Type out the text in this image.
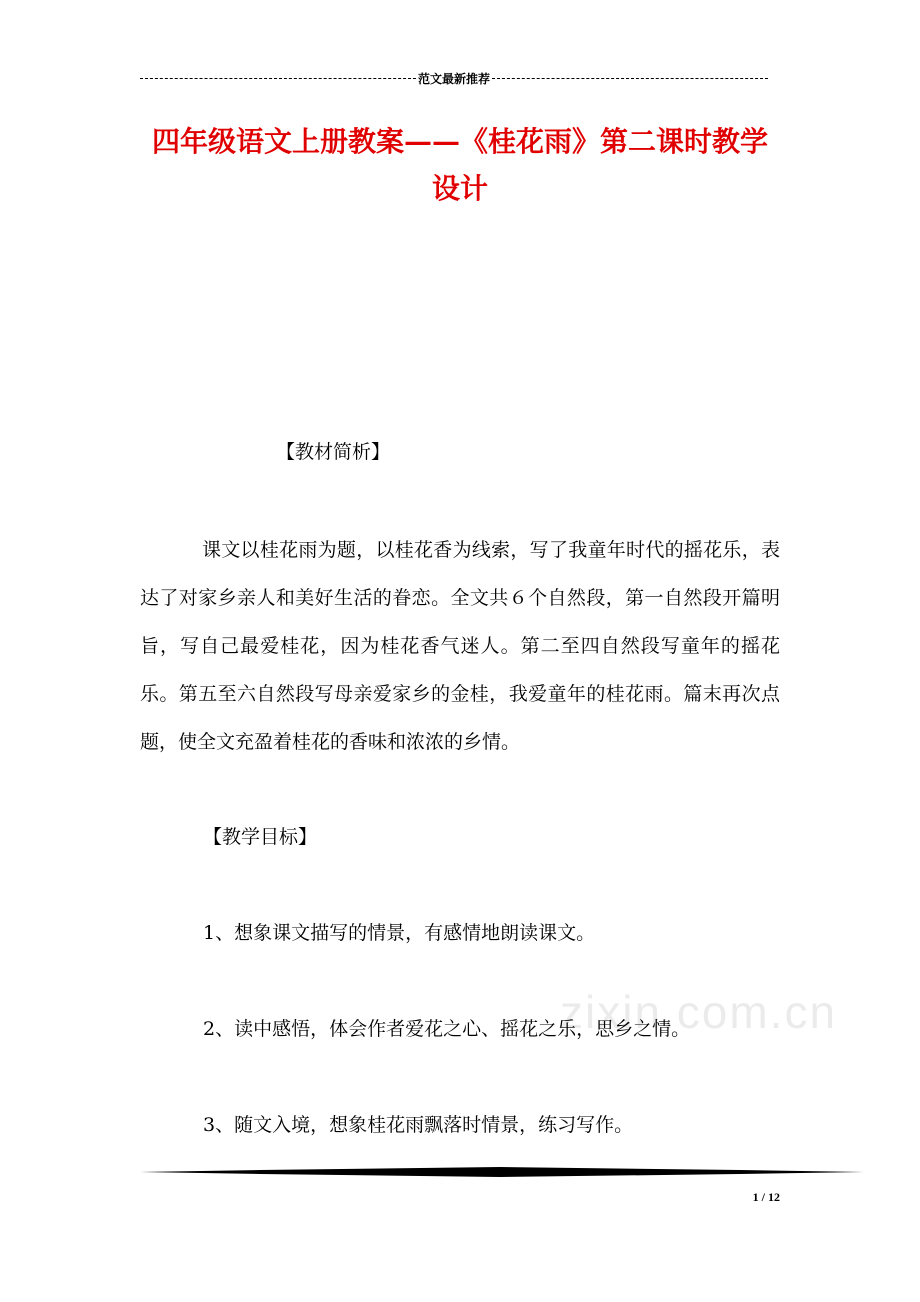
范文最新推荐
四年级语文上册教案——《桂花雨》第二课时教学设计
【教材简析】
课文以桂花雨为题，以桂花香为线索，写了我童年时代的摇花乐，表达了对家乡亲人和美好生活的眷恋。全文共６个自然段，第一自然段开篇明旨，写自己最爱桂花，因为桂花香气迷人。第二至四自然段写童年的摇花乐。第五至六自然段写母亲爱家乡的金桂，我爱童年的桂花雨。篇末再次点题，使全文充盈着桂花的香味和浓浓的乡情。
【教学目标】
1、想象课文描写的情景，有感情地朗读课文。
2、读中感悟，体会作者爱花之心、摇花之乐，思乡之情。
3、随文入境，想象桂花雨飘落时情景，练习写作。
zixin.com.cn
1 / 12
